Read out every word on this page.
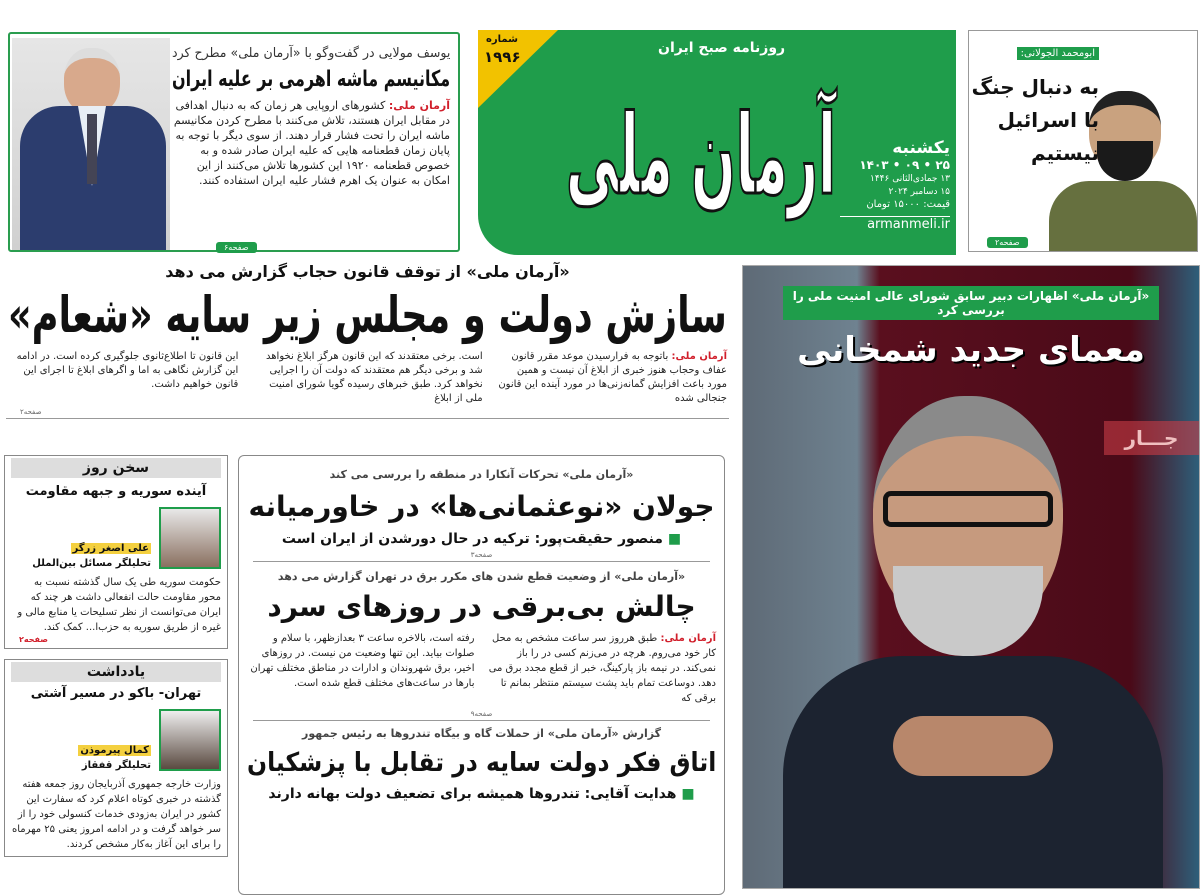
یوسف مولایی در گفت‌وگو با «آرمان ملی» مطرح کرد
مکانیسم ماشه اهرمی بر علیه ایران
آرمان ملی: کشورهای اروپایی هر زمان که به دنبال اهدافی در مقابل ایران هستند، تلاش می‌کنند با مطرح کردن مکانیسم ماشه ایران را تحت فشار قرار دهند. از سوی دیگر با توجه به پایان زمان قطعنامه هایی که علیه ایران صادر شده و به خصوص قطعنامه ۱۹۲۰ این کشورها تلاش می‌کنند از این امکان به عنوان یک اهرم فشار علیه ایران استفاده کنند.
صفحه۶
شماره
۱۹۹۶	روزنامه صبح ایران
آرمان ملی	یکشنبه
۲۵ • ۰۹ • ۱۴۰۳
۱۳ جمادی‌الثانی ۱۴۴۶
۱۵ دسامبر ۲۰۲۴
قیمت: ۱۵۰۰۰ تومان
armanmeli.ir
ابومحمد الجولانی:
به دنبال جنگ
با اسرائیل
نیستیم
صفحه۲
«آرمان ملی» از توقف قانون حجاب گزارش می دهد
سازش دولت و مجلس زیر سایه «شعام»
آرمان ملی: باتوجه به فرارسیدن موعد مقرر قانون عفاف وحجاب هنوز خبری از ابلاغ آن نیست و همین مورد باعث افزایش گمانه‌زنی‌ها در مورد آینده این قانون جنجالی شده
است. برخی معتقدند که این قانون هرگز ابلاغ نخواهد شد و برخی دیگر هم معتقدند که دولت آن را اجرایی نخواهد کرد. طبق خبرهای رسیده گویا شورای امنیت ملی از ابلاغ
این قانون تا اطلاع‌ثانوی جلوگیری کرده است. در ادامه این گزارش نگاهی به اما و اگرهای ابلاغ تا اجرای این قانون خواهیم داشت.
صفحه۲
جـــار
«آرمان ملی» اظهارات دبیر سابق شورای عالی امنیت ملی را بررسی کرد
معمای جدید شمخانی
سخن روز
آینده سوریه و جبهه مقاومت
علی اصغر زرگر
تحلیلگر مسائل بین‌الملل
حکومت سوریه طی یک سال گذشته نسبت به محور مقاومت حالت انفعالی داشت هر چند که ایران می‌توانست از نظر تسلیحات یا منابع مالی و غیره از طریق سوریه به حزب‌ا... کمک کند.
صفحه۲
یادداشت
تهران- باکو در مسیر آشتی
کمال پیرموذن
تحلیلگر قفقاز
وزارت خارجه جمهوری آذربایجان روز جمعه هفته گذشته در خبری کوتاه اعلام کرد که سفارت این کشور در ایران به‌زودی خدمات کنسولی خود را از سر خواهد گرفت و در ادامه امروز یعنی ۲۵ مهرماه را برای این آغاز به‌کار مشخص کردند.
«آرمان ملی» تحرکات آنکارا در منطقه را بررسی می کند
جولان «نوعثمانی‌ها» در خاورمیانه
■ منصور حقیقت‌پور: ترکیه در حال دورشدن از ایران است
صفحه۳
«آرمان ملی» از وضعیت قطع شدن های مکرر برق در تهران گزارش می دهد
چالش بی‌برقی در روزهای سرد
آرمان ملی: طبق هرروز سر ساعت مشخص به محل کار خود می‌روم. هرچه در می‌زنم کسی در را باز نمی‌کند. در نیمه باز پارکینگ، خبر از قطع مجدد برق می دهد. دوساعت تمام باید پشت سیستم منتظر بمانم تا برقی که
رفته است، بالاخره ساعت ۳ بعدازظهر، با سلام و صلوات بیاید. این تنها وضعیت من نیست. در روزهای اخیر، برق شهروندان و ادارات در مناطق مختلف تهران بارها در ساعت‌های مختلف قطع شده است.
صفحه۹
گزارش «آرمان ملی» از حملات گاه و بیگاه تندروها به رئیس جمهور
اتاق فکر دولت سایه در تقابل با پزشکیان
■ هدایت آقایی: تندروها همیشه برای تضعیف دولت بهانه دارند
